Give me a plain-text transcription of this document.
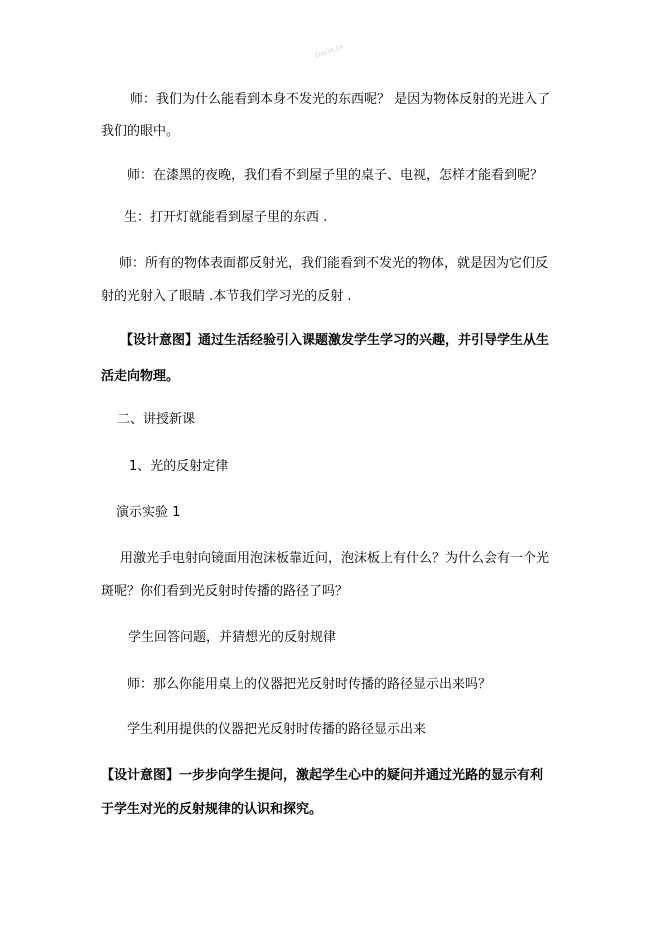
Docin.co
师：我们为什么能看到本身不发光的东西呢？ 是因为物体反射的光进入了
我们的眼中。
师：在漆黑的夜晚，我们看不到屋子里的桌子、电视，怎样才能看到呢？
生：打开灯就能看到屋子里的东西 .
师：所有的物体表面都反射光，我们能看到不发光的物体，就是因为它们反
射的光射入了眼睛 .本节我们学习光的反射 .
【设计意图】通过生活经验引入课题激发学生学习的兴趣，并引导学生从生
活走向物理。
二、讲授新课
1、光的反射定律
演示实验 1
用激光手电射向镜面用泡沫板靠近问，泡沫板上有什么？为什么会有一个光
斑呢？你们看到光反射时传播的路径了吗？
学生回答问题，并猜想光的反射规律
师：那么你能用桌上的仪器把光反射时传播的路径显示出来吗？
学生利用提供的仪器把光反射时传播的路径显示出来
【设计意图】一步步向学生提问，激起学生心中的疑问并通过光路的显示有利
于学生对光的反射规律的认识和探究。
